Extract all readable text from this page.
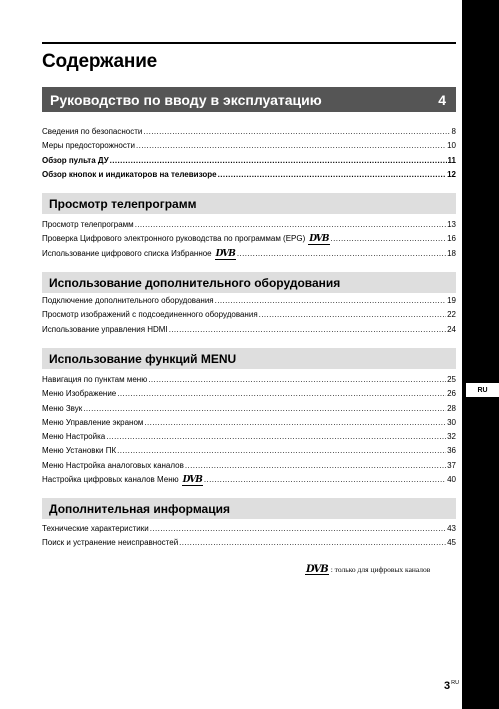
RU
Содержание
Руководство по вводу в эксплуатацию	4
Сведения по безопасности .....	8
Меры предосторожности .....	10
Обзор пульта ДУ .....	11
Обзор кнопок и индикаторов на телевизоре .....	12
Просмотр телепрограмм
Просмотр телепрограмм .....	13
Проверка Цифрового электронного руководства по программам (EPG) DVB .....	16
Использование цифрового списка Избранное DVB .....	18
Использование дополнительного оборудования
Подключение дополнительного оборудования .....	19
Просмотр изображений с подсоединенного оборудования .....	22
Использование управления HDMI .....	24
Использование функций MENU
Навигация по пунктам меню .....	25
Меню Изображение .....	26
Меню Звук .....	28
Меню Управление экраном .....	30
Меню Настройка .....	32
Меню Установки ПК .....	36
Меню Настройка аналоговых каналов .....	37
Настройка цифровых каналов Меню DVB .....	40
Дополнительная информация
Технические характеристики .....	43
Поиск и устранение неисправностей .....	45
DVB : только для цифровых каналов
$3^{RU}$
